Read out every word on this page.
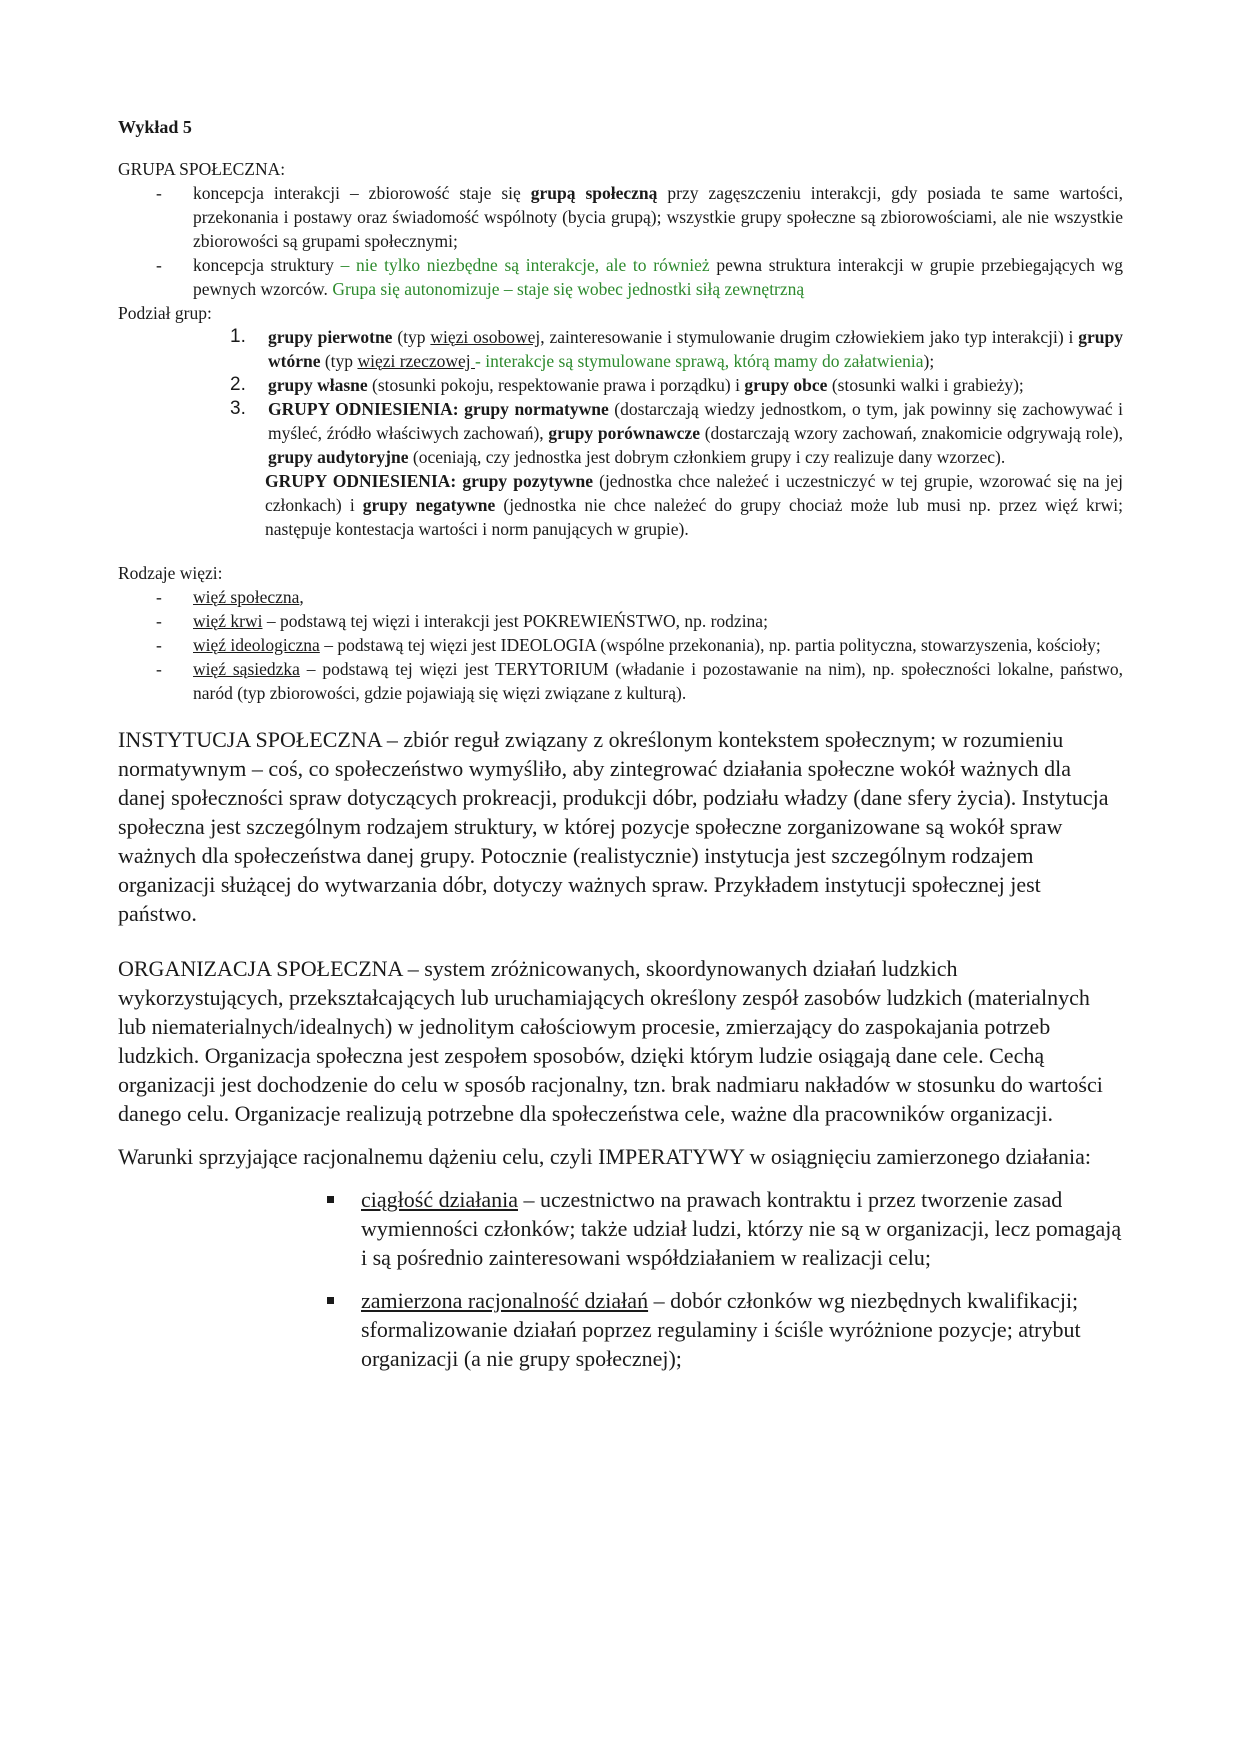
Wykład 5

GRUPA SPOŁECZNA:

- koncepcja interakcji – zbiorowość staje się grupą społeczną przy zagęszczeniu interakcji, gdy posiada te same wartości, przekonania i postawy oraz świadomość wspólnoty (bycia grupą); wszystkie grupy społeczne są zbiorowościami, ale nie wszystkie zbiorowości są grupami społecznymi;
- koncepcja struktury – nie tylko niezbędne są interakcje, ale to również pewna struktura interakcji w grupie przebiegających wg pewnych wzorców. Grupa się autonomizuje – staje się wobec jednostki siłą zewnętrzną

Podział grup:

1. grupy pierwotne (typ więzi osobowej, zainteresowanie i stymulowanie drugim człowiekiem jako typ interakcji) i grupy wtórne (typ więzi rzeczowej - interakcje są stymulowane sprawą, którą mamy do załatwienia);
2. grupy własne (stosunki pokoju, respektowanie prawa i porządku) i grupy obce (stosunki walki i grabieży);
3. GRUPY ODNIESIENIA: grupy normatywne (dostarczają wiedzy jednostkom, o tym, jak powinny się zachowywać i myśleć, źródło właściwych zachowań), grupy porównawcze (dostarczają wzory zachowań, znakomicie odgrywają role), grupy audytoryjne (oceniają, czy jednostka jest dobrym członkiem grupy i czy realizuje dany wzorzec).

GRUPY ODNIESIENIA: grupy pozytywne (jednostka chce należeć i uczestniczyć w tej grupie, wzorować się na jej członkach) i grupy negatywne (jednostka nie chce należeć do grupy chociaż może lub musi np. przez więź krwi; następuje kontestacja wartości i norm panujących w grupie).

Rodzaje więzi:

- więź społeczna,
- więź krwi – podstawą tej więzi i interakcji jest POKREWIEŃSTWO, np. rodzina;
- więź ideologiczna – podstawą tej więzi jest IDEOLOGIA (wspólne przekonania), np. partia polityczna, stowarzyszenia, kościoły;
- więź sąsiedzka – podstawą tej więzi jest TERYTORIUM (władanie i pozostawanie na nim), np. społeczności lokalne, państwo, naród (typ zbiorowości, gdzie pojawiają się więzi związane z kulturą).

INSTYTUCJA SPOŁECZNA – zbiór reguł związany z określonym kontekstem społecznym; w rozumieniu normatywnym – coś, co społeczeństwo wymyśliło, aby zintegrować działania społeczne wokół ważnych dla danej społeczności spraw dotyczących prokreacji, produkcji dóbr, podziału władzy (dane sfery życia). Instytucja społeczna jest szczególnym rodzajem struktury, w której pozycje społeczne zorganizowane są wokół spraw ważnych dla społeczeństwa danej grupy. Potocznie (realistycznie) instytucja jest szczególnym rodzajem organizacji służącej do wytwarzania dóbr, dotyczy ważnych spraw. Przykładem instytucji społecznej jest państwo.

ORGANIZACJA SPOŁECZNA – system zróżnicowanych, skoordynowanych działań ludzkich wykorzystujących, przekształcających lub uruchamiających określony zespół zasobów ludzkich (materialnych lub niematerialnych/idealnych) w jednolitym całościowym procesie, zmierzający do zaspokajania potrzeb ludzkich. Organizacja społeczna jest zespołem sposobów, dzięki którym ludzie osiągają dane cele. Cechą organizacji jest dochodzenie do celu w sposób racjonalny, tzn. brak nadmiaru nakładów w stosunku do wartości danego celu. Organizacje realizują potrzebne dla społeczeństwa cele, ważne dla pracowników organizacji.

Warunki sprzyjające racjonalnemu dążeniu celu, czyli IMPERATYWY w osiągnięciu zamierzonego działania:

ciągłość działania – uczestnictwo na prawach kontraktu i przez tworzenie zasad wymienności członków; także udział ludzi, którzy nie są w organizacji, lecz pomagają i są pośrednio zainteresowani współdziałaniem w realizacji celu;
zamierzona racjonalność działań – dobór członków wg niezbędnych kwalifikacji; sformalizowanie działań poprzez regulaminy i ściśle wyróżnione pozycje; atrybut organizacji (a nie grupy społecznej);
